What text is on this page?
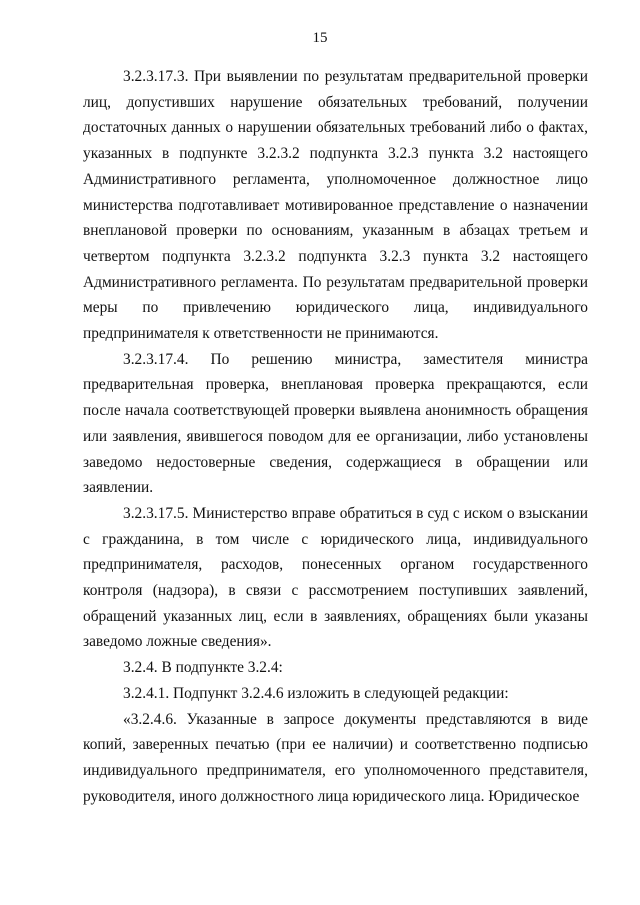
15

3.2.3.17.3. При выявлении по результатам предварительной проверки лиц, допустивших нарушение обязательных требований, получении достаточных данных о нарушении обязательных требований либо о фактах, указанных в подпункте 3.2.3.2 подпункта 3.2.3 пункта 3.2 настоящего Административного регламента, уполномоченное должностное лицо министерства подготавливает мотивированное представление о назначении внеплановой проверки по основаниям, указанным в абзацах третьем и четвертом подпункта 3.2.3.2 подпункта 3.2.3 пункта 3.2 настоящего Административного регламента. По результатам предварительной проверки меры по привлечению юридического лица, индивидуального предпринимателя к ответственности не принимаются.

3.2.3.17.4. По решению министра, заместителя министра предварительная проверка, внеплановая проверка прекращаются, если после начала соответствующей проверки выявлена анонимность обращения или заявления, явившегося поводом для ее организации, либо установлены заведомо недостоверные сведения, содержащиеся в обращении или заявлении.

3.2.3.17.5. Министерство вправе обратиться в суд с иском о взыскании с гражданина, в том числе с юридического лица, индивидуального предпринимателя, расходов, понесенных органом государственного контроля (надзора), в связи с рассмотрением поступивших заявлений, обращений указанных лиц, если в заявлениях, обращениях были указаны заведомо ложные сведения».

3.2.4. В подпункте 3.2.4:

3.2.4.1. Подпункт 3.2.4.6 изложить в следующей редакции:

«3.2.4.6. Указанные в запросе документы представляются в виде копий, заверенных печатью (при ее наличии) и соответственно подписью индивидуального предпринимателя, его уполномоченного представителя, руководителя, иного должностного лица юридического лица. Юридическое
